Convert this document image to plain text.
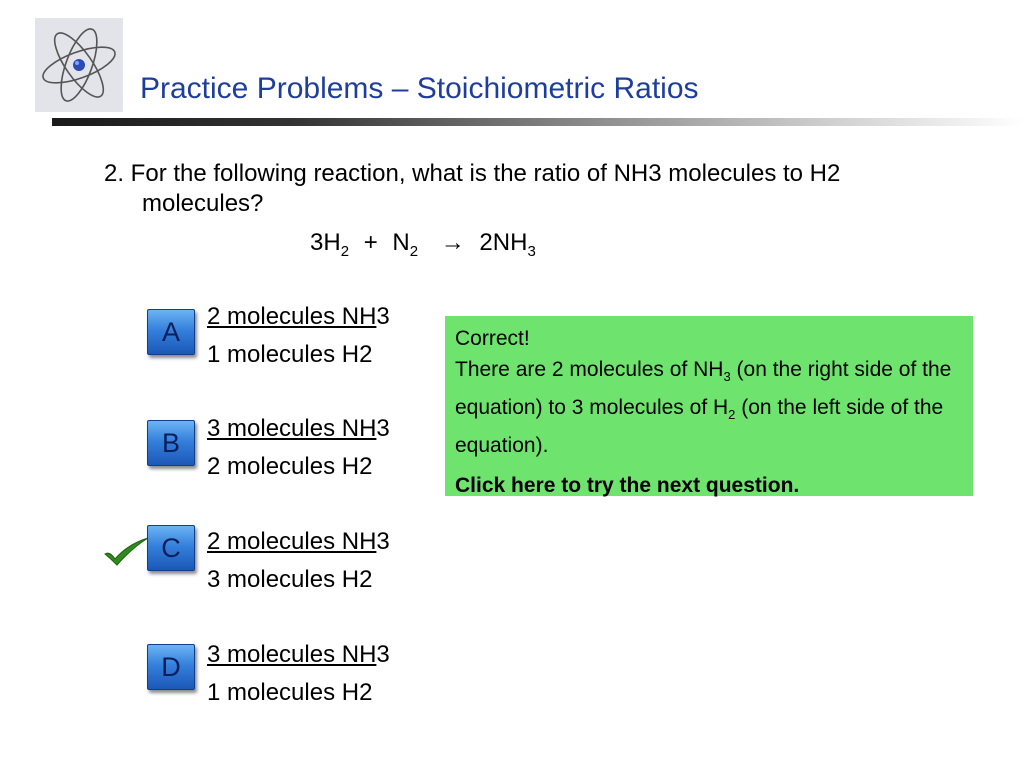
Practice Problems – Stoichiometric Ratios
2. For the following reaction, what is the ratio of NH3 molecules to H2
molecules?
$3H_2 + N_2 \to 2NH_3$
A
2 molecules NH3
1 molecules H2
B	3 molecules NH3
2 molecules H2
C	2 molecules NH3
3 molecules H2
D	3 molecules NH3
1 molecules H2
Correct!
There are 2 molecules of $NH_3$ (on the right side of the equation) to 3 molecules of $H_2$ (on the left side of the equation).
Click here to try the next question.
